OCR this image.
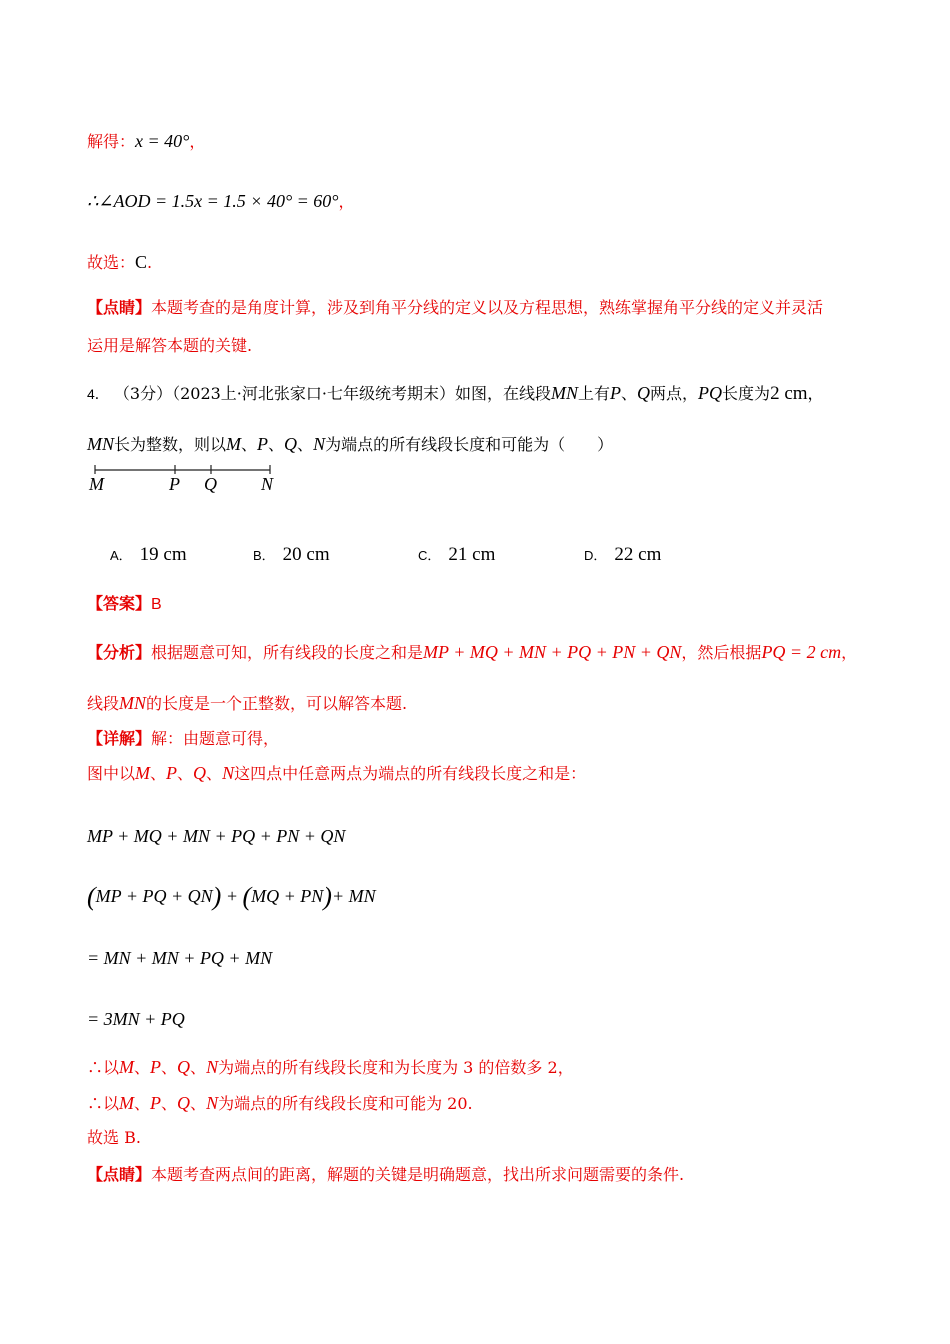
解得：x = 40°，
∴∠AOD = 1.5x = 1.5 × 40° = 60°，
故选：C.
【点睛】本题考查的是角度计算，涉及到角平分线的定义以及方程思想，熟练掌握角平分线的定义并灵活
运用是解答本题的关键.
4． （3分）（2023上·河北张家口·七年级统考期末）如图，在线段MN上有P、Q两点，PQ长度为2 cm，
MN长为整数，则以M、P、Q、N为端点的所有线段长度和可能为（　　）
M	P Q N
A． 19 cm	B． 20 cm	C． 21 cm	D． 22 cm
【答案】B
【分析】根据题意可知，所有线段的长度之和是MP + MQ + MN + PQ + PN + QN，然后根据PQ = 2 cm，
线段MN的长度是一个正整数，可以解答本题.
【详解】解：由题意可得，
图中以M、P、Q、N这四点中任意两点为端点的所有线段长度之和是：
MP + MQ + MN + PQ + PN + QN
(MP + PQ + QN) + (MQ + PN)+ MN
= MN + MN + PQ + MN
= 3MN + PQ
∴以M、P、Q、N为端点的所有线段长度和为长度为 3 的倍数多 2，
∴以M、P、Q、N为端点的所有线段长度和可能为 20.
故选 B.
【点睛】本题考查两点间的距离，解题的关键是明确题意，找出所求问题需要的条件.
